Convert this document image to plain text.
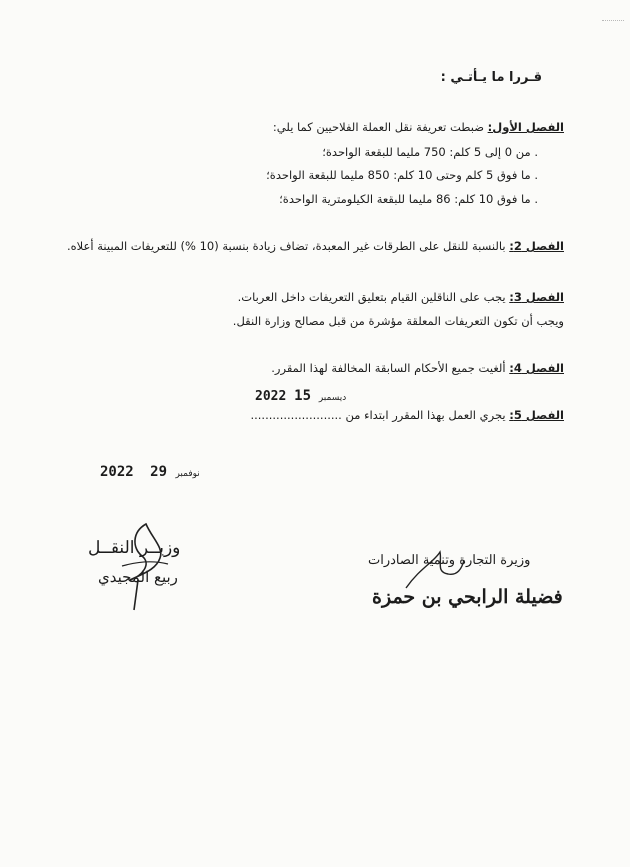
قـررا ما يـأتـي :
الفصل الأول: ضبطت تعريفة نقل العملة الفلاحيين كما يلي:
. من 0 إلى 5 كلم: 750 مليما للبقعة الواحدة؛
. ما فوق 5 كلم وحتى 10 كلم: 850 مليما للبقعة الواحدة؛
. ما فوق 10 كلم: 86 مليما للبقعة الكيلومترية الواحدة؛
الفصل 2: بالنسبة للنقل على الطرقات غير المعبدة، تضاف زيادة بنسبة (10 %) للتعريفات المبينة أعلاه.
الفصل 3: يجب على الناقلين القيام بتعليق التعريفات داخل العربات.
ويجب أن تكون التعريفات المعلقة مؤشرة من قبل مصالح وزارة النقل.
الفصل 4: ألغيت جميع الأحكام السابقة المخالفة لهذا المقرر.
2022	ديسمبر 15
الفصل 5: يجري العمل بهذا المقرر ابتداء من .........................
2022 29 نوفمبر
وزيــر النقــل
ربيع المجيدي
وزيرة التجارة وتنمية الصادرات
فضيلة الرابحي بن حمزة
